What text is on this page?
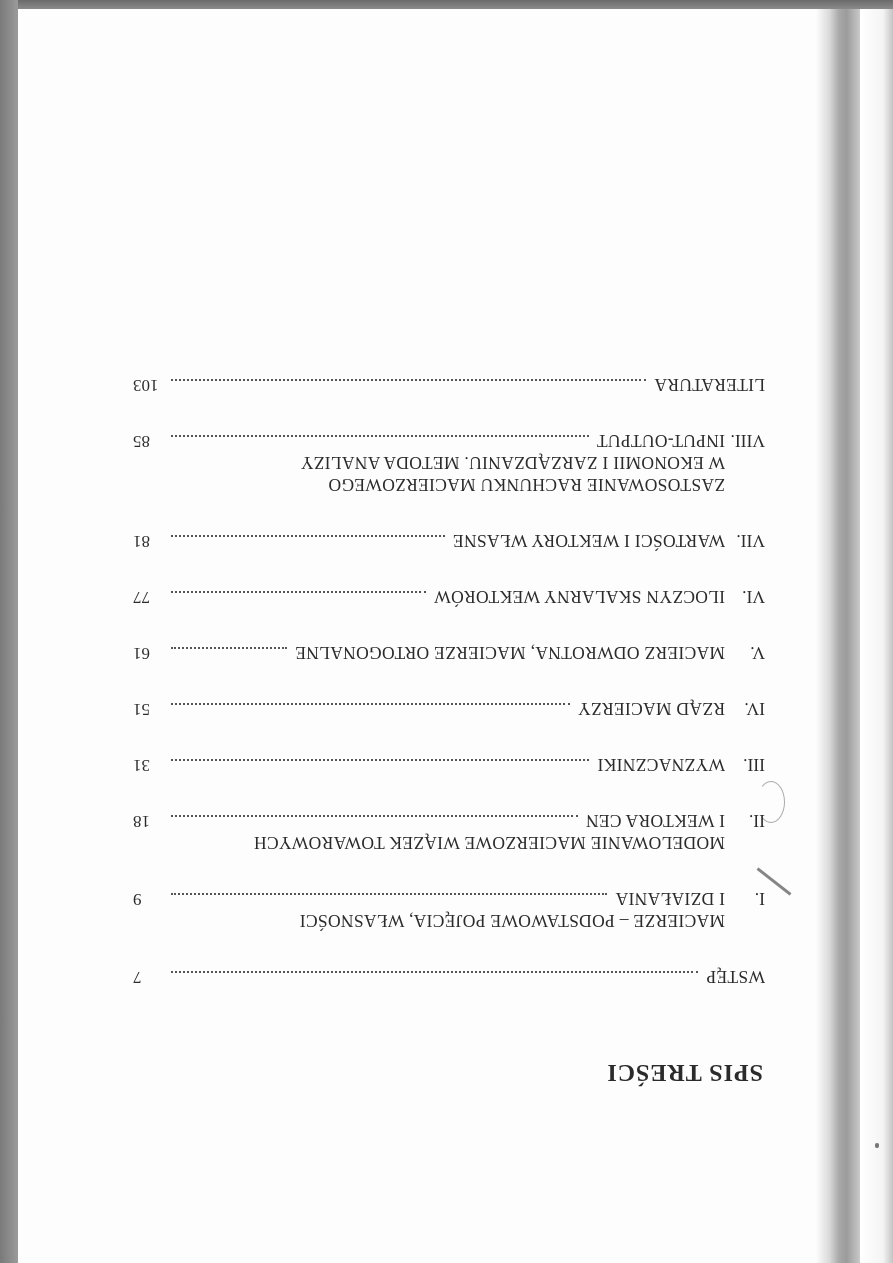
SPIS TREŚCI
WSTĘP
7
I.
MACIERZE – PODSTAWOWE POJĘCIA, WŁASNOŚCI
I DZIAŁANIA
9
II.
MODELOWANIE MACIERZOWE WIĄZEK TOWAROWYCH
I WEKTORA CEN
18
III.
WYZNACZNIKI
31
IV.
RZĄD MACIERZY
51
V.
MACIERZ ODWROTNA, MACIERZE ORTOGONALNE
61
VI.
ILOCZYN SKALARNY WEKTORÓW
77
VII.
WARTOŚCI I WEKTORY WŁASNE
81
VIII.
ZASTOSOWANIE RACHUNKU MACIERZOWEGO
W EKONOMII I ZARZĄDZANIU. METODA ANALIZY
INPUT-OUTPUT
85
LITERATURA
103
